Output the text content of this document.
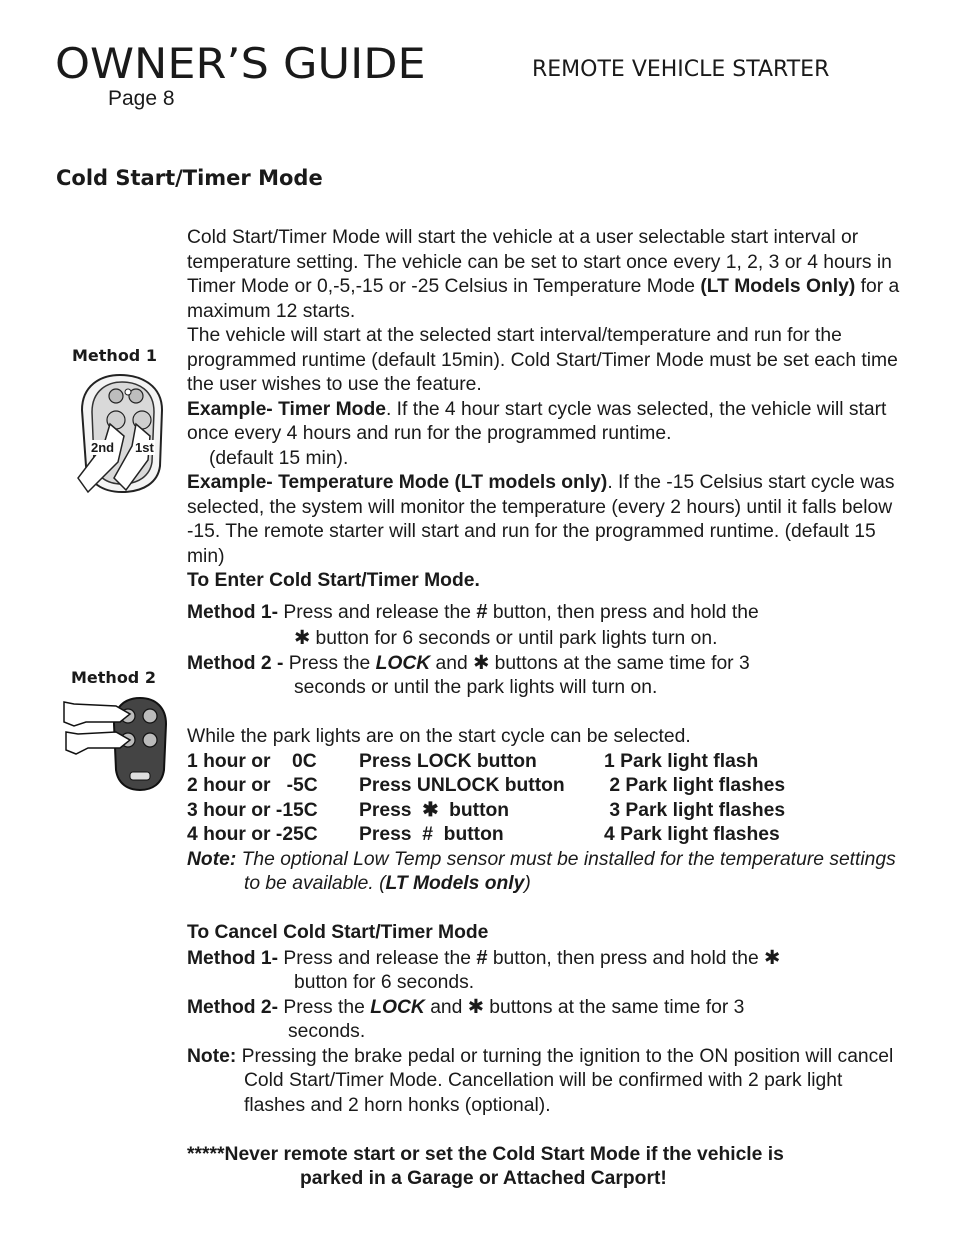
OWNER’S GUIDE	REMOTE VEHICLE STARTER
Page 8
Cold Start/Timer Mode
Method 1
2nd 1st
Method 2

Cold Start/Timer Mode will start the vehicle at a user selectable start interval or temperature setting. The vehicle can be set to start once every 1, 2, 3 or 4 hours in Timer Mode or 0,-5,-15 or -25 Celsius in Temperature Mode (LT Models Only) for a maximum 12 starts.

The vehicle will start at the selected start interval/temperature and run for the programmed runtime (default 15min). Cold Start/Timer Mode must be set each time the user wishes to use the feature.

Example- Timer Mode. If the 4 hour start cycle was selected, the vehicle will start once every 4 hours and run for the programmed runtime.

(default 15 min).

Example- Temperature Mode (LT models only). If the -15 Celsius start cycle was selected, the system will monitor the temperature (every 2 hours) until it falls below -15. The remote starter will start and run for the programmed runtime. (default 15 min)

To Enter Cold Start/Timer Mode.

Method 1- Press and release the # button, then press and hold the

✱ button for 6 seconds or until park lights turn on.

Method 2 - Press the LOCK and ✱ buttons at the same time for 3

seconds or until the park lights will turn on.

While the park lights are on the start cycle can be selected.

1 hour or    0C	Press LOCK button	1 Park light flash
2 hour or   -5C	Press UNLOCK button	2 Park light flashes
3 hour or -15C	Press  ✱  button	3 Park light flashes
4 hour or -25C	Press  #  button	4 Park light flashes

Note: The optional Low Temp sensor must be installed for the temperature settings to be available. (LT Models only)

To Cancel Cold Start/Timer Mode

Method 1- Press and release the # button, then press and hold the ✱

button for 6 seconds.

Method 2- Press the LOCK and ✱ buttons at the same time for 3

seconds.

Note: Pressing the brake pedal or turning the ignition to the ON position will cancel Cold Start/Timer Mode. Cancellation will be confirmed with 2 park light flashes and 2 horn honks (optional).

*****Never remote start or set the Cold Start Mode if the vehicle is

parked in a Garage or Attached Carport!
